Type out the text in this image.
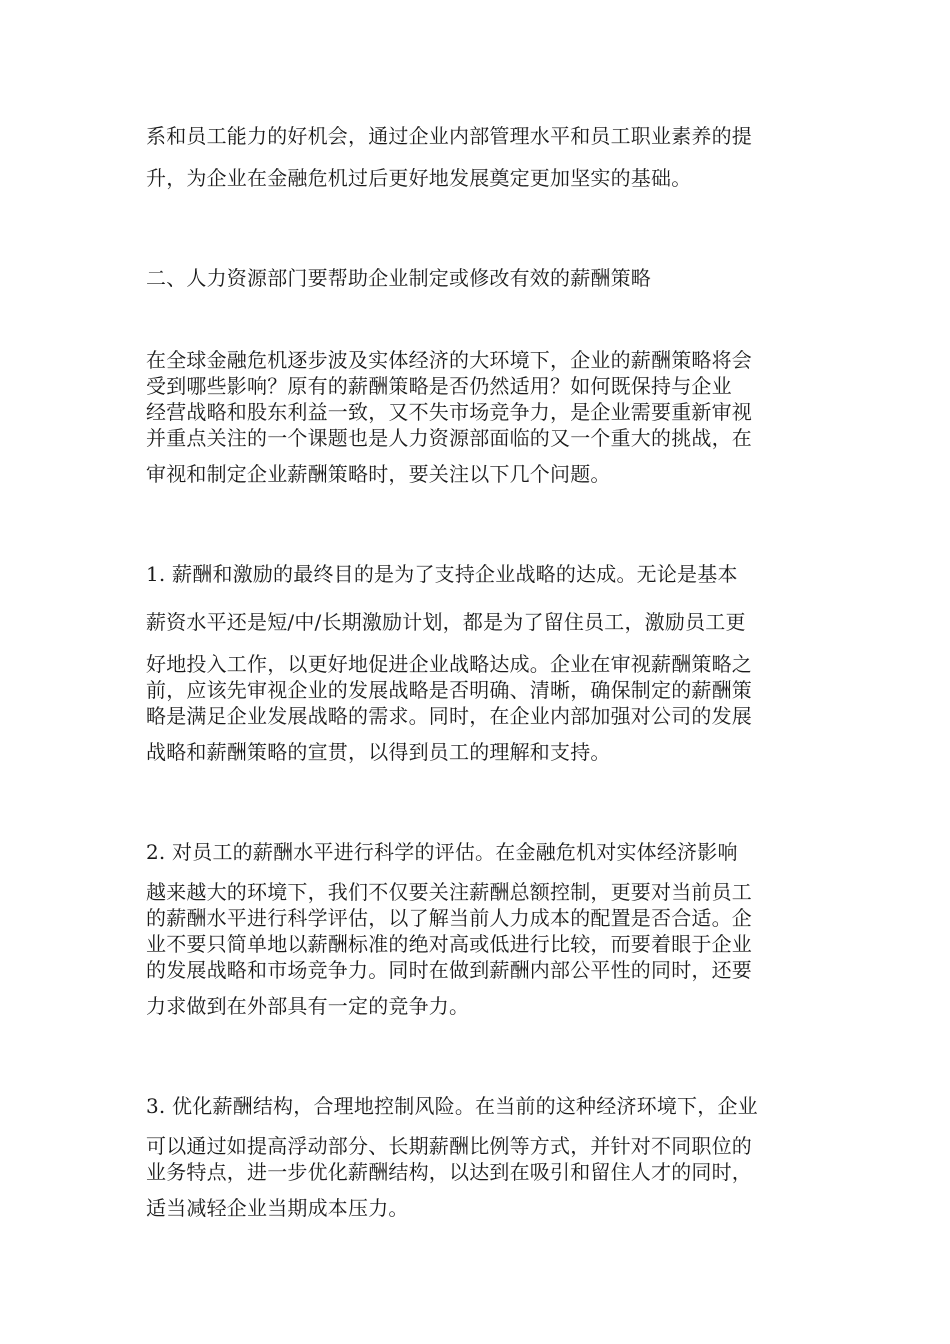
系和员工能力的好机会，通过企业内部管理水平和员工职业素养的提
升，为企业在金融危机过后更好地发展奠定更加坚实的基础。
二、人力资源部门要帮助企业制定或修改有效的薪酬策略
在全球金融危机逐步波及实体经济的大环境下，企业的薪酬策略将会
受到哪些影响？原有的薪酬策略是否仍然适用？如何既保持与企业
经营战略和股东利益一致，又不失市场竞争力，是企业需要重新审视
并重点关注的一个课题也是人力资源部面临的又一个重大的挑战，在
审视和制定企业薪酬策略时，要关注以下几个问题。
1. 薪酬和激励的最终目的是为了支持企业战略的达成。无论是基本
薪资水平还是短/中/长期激励计划，都是为了留住员工，激励员工更
好地投入工作，以更好地促进企业战略达成。企业在审视薪酬策略之
前，应该先审视企业的发展战略是否明确、清晰，确保制定的薪酬策
略是满足企业发展战略的需求。同时，在企业内部加强对公司的发展
战略和薪酬策略的宣贯，以得到员工的理解和支持。
2. 对员工的薪酬水平进行科学的评估。在金融危机对实体经济影响
越来越大的环境下，我们不仅要关注薪酬总额控制，更要对当前员工
的薪酬水平进行科学评估，以了解当前人力成本的配置是否合适。企
业不要只简单地以薪酬标准的绝对高或低进行比较，而要着眼于企业
的发展战略和市场竞争力。同时在做到薪酬内部公平性的同时，还要
力求做到在外部具有一定的竞争力。
3. 优化薪酬结构，合理地控制风险。在当前的这种经济环境下，企业
可以通过如提高浮动部分、长期薪酬比例等方式，并针对不同职位的
业务特点，进一步优化薪酬结构，以达到在吸引和留住人才的同时，
适当减轻企业当期成本压力。
